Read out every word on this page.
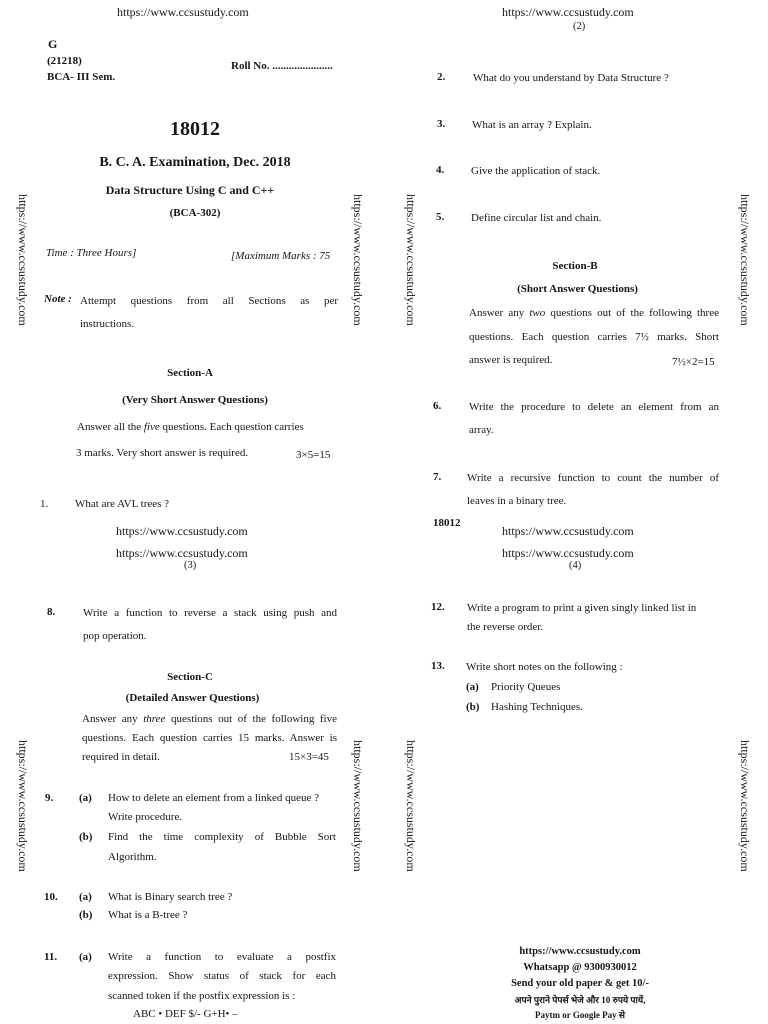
https://www.ccsustudy.com	https://www.ccsustudy.com
(2)
https://www.ccsustudy.com
https://www.ccsustudy.com
(3)
https://www.ccsustudy.com
https://www.ccsustudy.com
(4)
https://www.ccsustudy.com	https://www.ccsustudy.com	https://www.ccsustudy.com	https://www.ccsustudy.com
https://www.ccsustudy.com	https://www.ccsustudy.com	https://www.ccsustudy.com	https://www.ccsustudy.com
G
(21218)	Roll No. ......................
BCA- III Sem.
18012
B. C. A. Examination, Dec. 2018
Data Structure Using C and C++
(BCA-302)
Time : Three Hours]	[Maximum Marks : 75
Note : Attempt questions from all Sections as per
instructions.
Section-A
(Very Short Answer Questions)
Answer all the five questions. Each question carries
3 marks. Very short answer is required.	3×5=15
1. What are AVL trees ?
2.	What do you understand by Data Structure ?
3. What is an array ? Explain.
4. Give the application of stack.
5. Define circular list and chain.
Section-B
(Short Answer Questions)
Answer any two questions out of the following three
questions. Each question carries 7½ marks. Short
answer is required.	7½×2=15
6.	Write the procedure to delete an element from an
array.
7. Write a recursive function to count the number of
leaves in a binary tree.
18012
8.	Write a function to reverse a stack using push and
pop operation.
Section-C
(Detailed Answer Questions)
Answer any three questions out of the following five
questions. Each question carries 15 marks. Answer is
required in detail.	15×3=45
9. (a) How to delete an element from a linked queue ?
Write procedure.
(b) Find the time complexity of Bubble Sort
Algorithm.
10. (a) What is Binary search tree ?
(b) What is a B-tree ?
11. (a) Write a function to evaluate a postfix
expression. Show status of stack for each
scanned token if the postfix expression is :
ABC • DEF $/- G+H• –
12. Write a program to print a given singly linked list in
the reverse order.
13. Write short notes on the following :
(a) Priority Queues
(b) Hashing Techniques.
https://www.ccsustudy.com
Whatsapp @ 9300930012
Send your old paper & get 10/-
अपने पुराने पेपर्स भेजे और 10 रुपये पायें,
Paytm or Google Pay से
